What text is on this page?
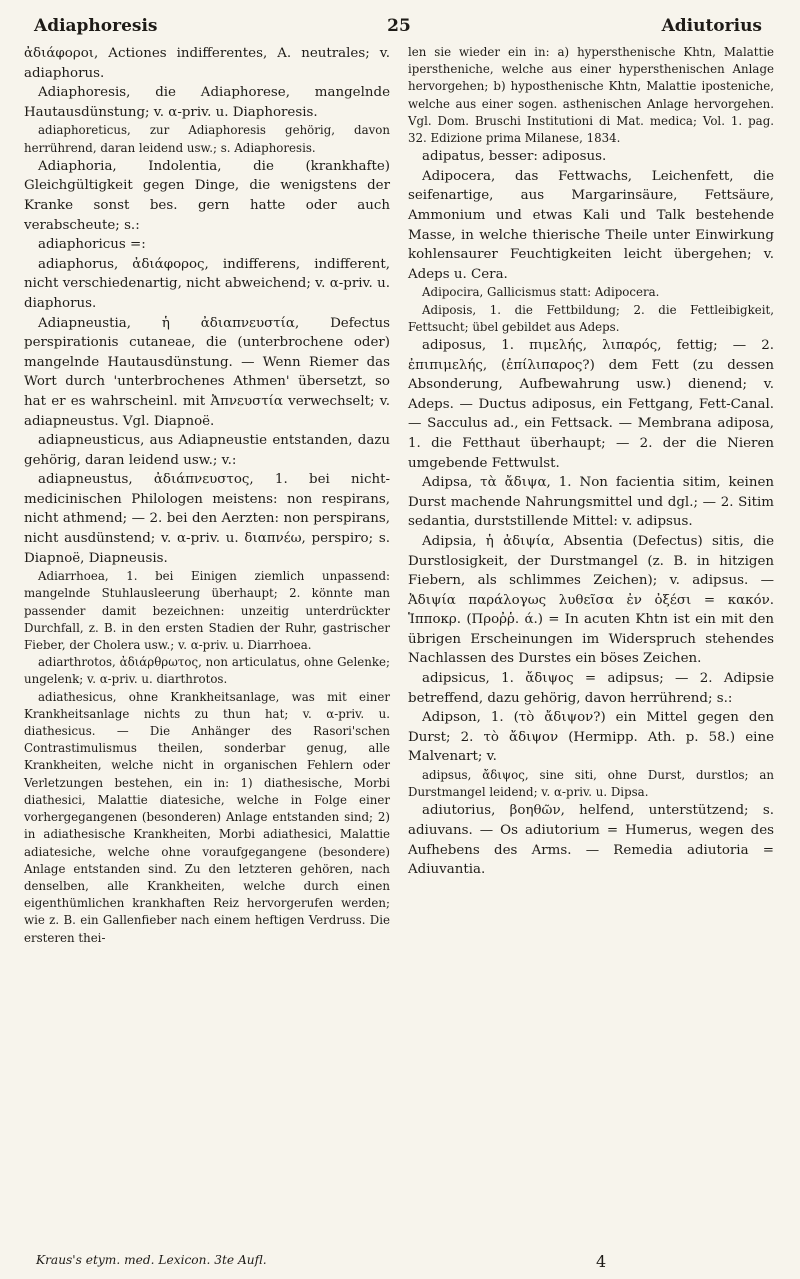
Adiaphoresis	25	Adiutorius

ἀδιάφοροι, Actiones indifferentes, A. neutrales; v. adiaphorus.

Adiaphoresis, die Adiaphorese, mangelnde Hautausdünstung; v. α-priv. u. Diaphoresis.

adiaphoreticus, zur Adiaphoresis gehörig, davon herrührend, daran leidend usw.; s. Adiaphoresis.

Adiaphoria, Indolentia, die (krankhafte) Gleichgültigkeit gegen Dinge, die wenigstens der Kranke sonst bes. gern hatte oder auch verabscheute; s.:

adiaphoricus =:

adiaphorus, ἀδιάφορος, indifferens, indifferent, nicht verschiedenartig, nicht abweichend; v. α-priv. u. diaphorus.

Adiapneustia, ἡ ἀδιαπνευστία, Defectus perspirationis cutaneae, die (unterbrochene oder) mangelnde Hautausdünstung. — Wenn Riemer das Wort durch 'unterbrochenes Athmen' übersetzt, so hat er es wahrscheinl. mit Ἀπνευστία verwechselt; v. adiapneustus. Vgl. Diapnoë.

adiapneusticus, aus Adiapneustie entstanden, dazu gehörig, daran leidend usw.; v.:

adiapneustus, ἀδιάπνευστος, 1. bei nicht-medicinischen Philologen meistens: non respirans, nicht athmend; — 2. bei den Aerzten: non perspirans, nicht ausdünstend; v. α-priv. u. διαπνέω, perspiro; s. Diapnoë, Diapneusis.

Adiarrhoea, 1. bei Einigen ziemlich unpassend: mangelnde Stuhlausleerung überhaupt; 2. könnte man passender damit bezeichnen: unzeitig unterdrückter Durchfall, z. B. in den ersten Stadien der Ruhr, gastrischer Fieber, der Cholera usw.; v. α-priv. u. Diarrhoea.

adiarthrotos, ἀδιάρθρωτος, non articulatus, ohne Gelenke; ungelenk; v. α-priv. u. diarthrotos.

adiathesicus, ohne Krankheitsanlage, was mit einer Krankheitsanlage nichts zu thun hat; v. α-priv. u. diathesicus. — Die Anhänger des Rasori'schen Contrastimulismus theilen, sonderbar genug, alle Krankheiten, welche nicht in organischen Fehlern oder Verletzungen bestehen, ein in: 1) diathesische, Morbi diathesici, Malattie diatesiche, welche in Folge einer vorhergegangenen (besonderen) Anlage entstanden sind; 2) in adiathesische Krankheiten, Morbi adiathesici, Malattie adiatesiche, welche ohne voraufgegangene (besondere) Anlage entstanden sind. Zu den letzteren gehören, nach denselben, alle Krankheiten, welche durch einen eigenthümlichen krankhaften Reiz hervorgerufen werden; wie z. B. ein Gallenfieber nach einem heftigen Verdruss. Die ersteren thei-

len sie wieder ein in: a) hypersthenische Khtn, Malattie iperstheniche, welche aus einer hypersthenischen Anlage hervorgehen; b) hyposthenische Khtn, Malattie iposteniche, welche aus einer sogen. asthenischen Anlage hervorgehen. Vgl. Dom. Bruschi Institutioni di Mat. medica; Vol. 1. pag. 32. Edizione prima Milanese, 1834.

adipatus, besser: adiposus.

Adipocera, das Fettwachs, Leichenfett, die seifenartige, aus Margarinsäure, Fettsäure, Ammonium und etwas Kali und Talk bestehende Masse, in welche thierische Theile unter Einwirkung kohlensaurer Feuchtigkeiten leicht übergehen; v. Adeps u. Cera.

Adipocira, Gallicismus statt: Adipocera.

Adiposis, 1. die Fettbildung; 2. die Fettleibigkeit, Fettsucht; übel gebildet aus Adeps.

adiposus, 1. πιμελής, λιπαρός, fettig; — 2. ἐπιπιμελής, (ἐπίλιπαρος?) dem Fett (zu dessen Absonderung, Aufbewahrung usw.) dienend; v. Adeps. — Ductus adiposus, ein Fettgang, Fett-Canal. — Sacculus ad., ein Fettsack. — Membrana adiposa, 1. die Fetthaut überhaupt; — 2. der die Nieren umgebende Fettwulst.

Adipsa, τὰ ἄδιψα, 1. Non facientia sitim, keinen Durst machende Nahrungsmittel und dgl.; — 2. Sitim sedantia, durststillende Mittel: v. adipsus.

Adipsia, ἡ ἀδιψία, Absentia (Defectus) sitis, die Durstlosigkeit, der Durstmangel (z. B. in hitzigen Fiebern, als schlimmes Zeichen); v. adipsus. — Ἀδιψία παράλογως λυθεῖσα ἐν ὀξέσι = κακόν. Ἱπποκρ. (Προῤῥ. ά.) = In acuten Khtn ist ein mit den übrigen Erscheinungen im Widerspruch stehendes Nachlassen des Durstes ein böses Zeichen.

adipsicus, 1. ἄδιψος = adipsus; — 2. Adipsie betreffend, dazu gehörig, davon herrührend; s.:

Adipson, 1. (τὸ ἄδιψον?) ein Mittel gegen den Durst; 2. τὸ ἄδιψον (Hermipp. Ath. p. 58.) eine Malvenart; v.

adipsus, ἄδιψος, sine siti, ohne Durst, durstlos; an Durstmangel leidend; v. α-priv. u. Dipsa.

adiutorius, βοηθῶν, helfend, unterstützend; s. adiuvans. — Os adiutorium = Humerus, wegen des Aufhebens des Arms. — Remedia adiutoria = Adiuvantia.

Kraus's etym. med. Lexicon. 3te Aufl.	4
